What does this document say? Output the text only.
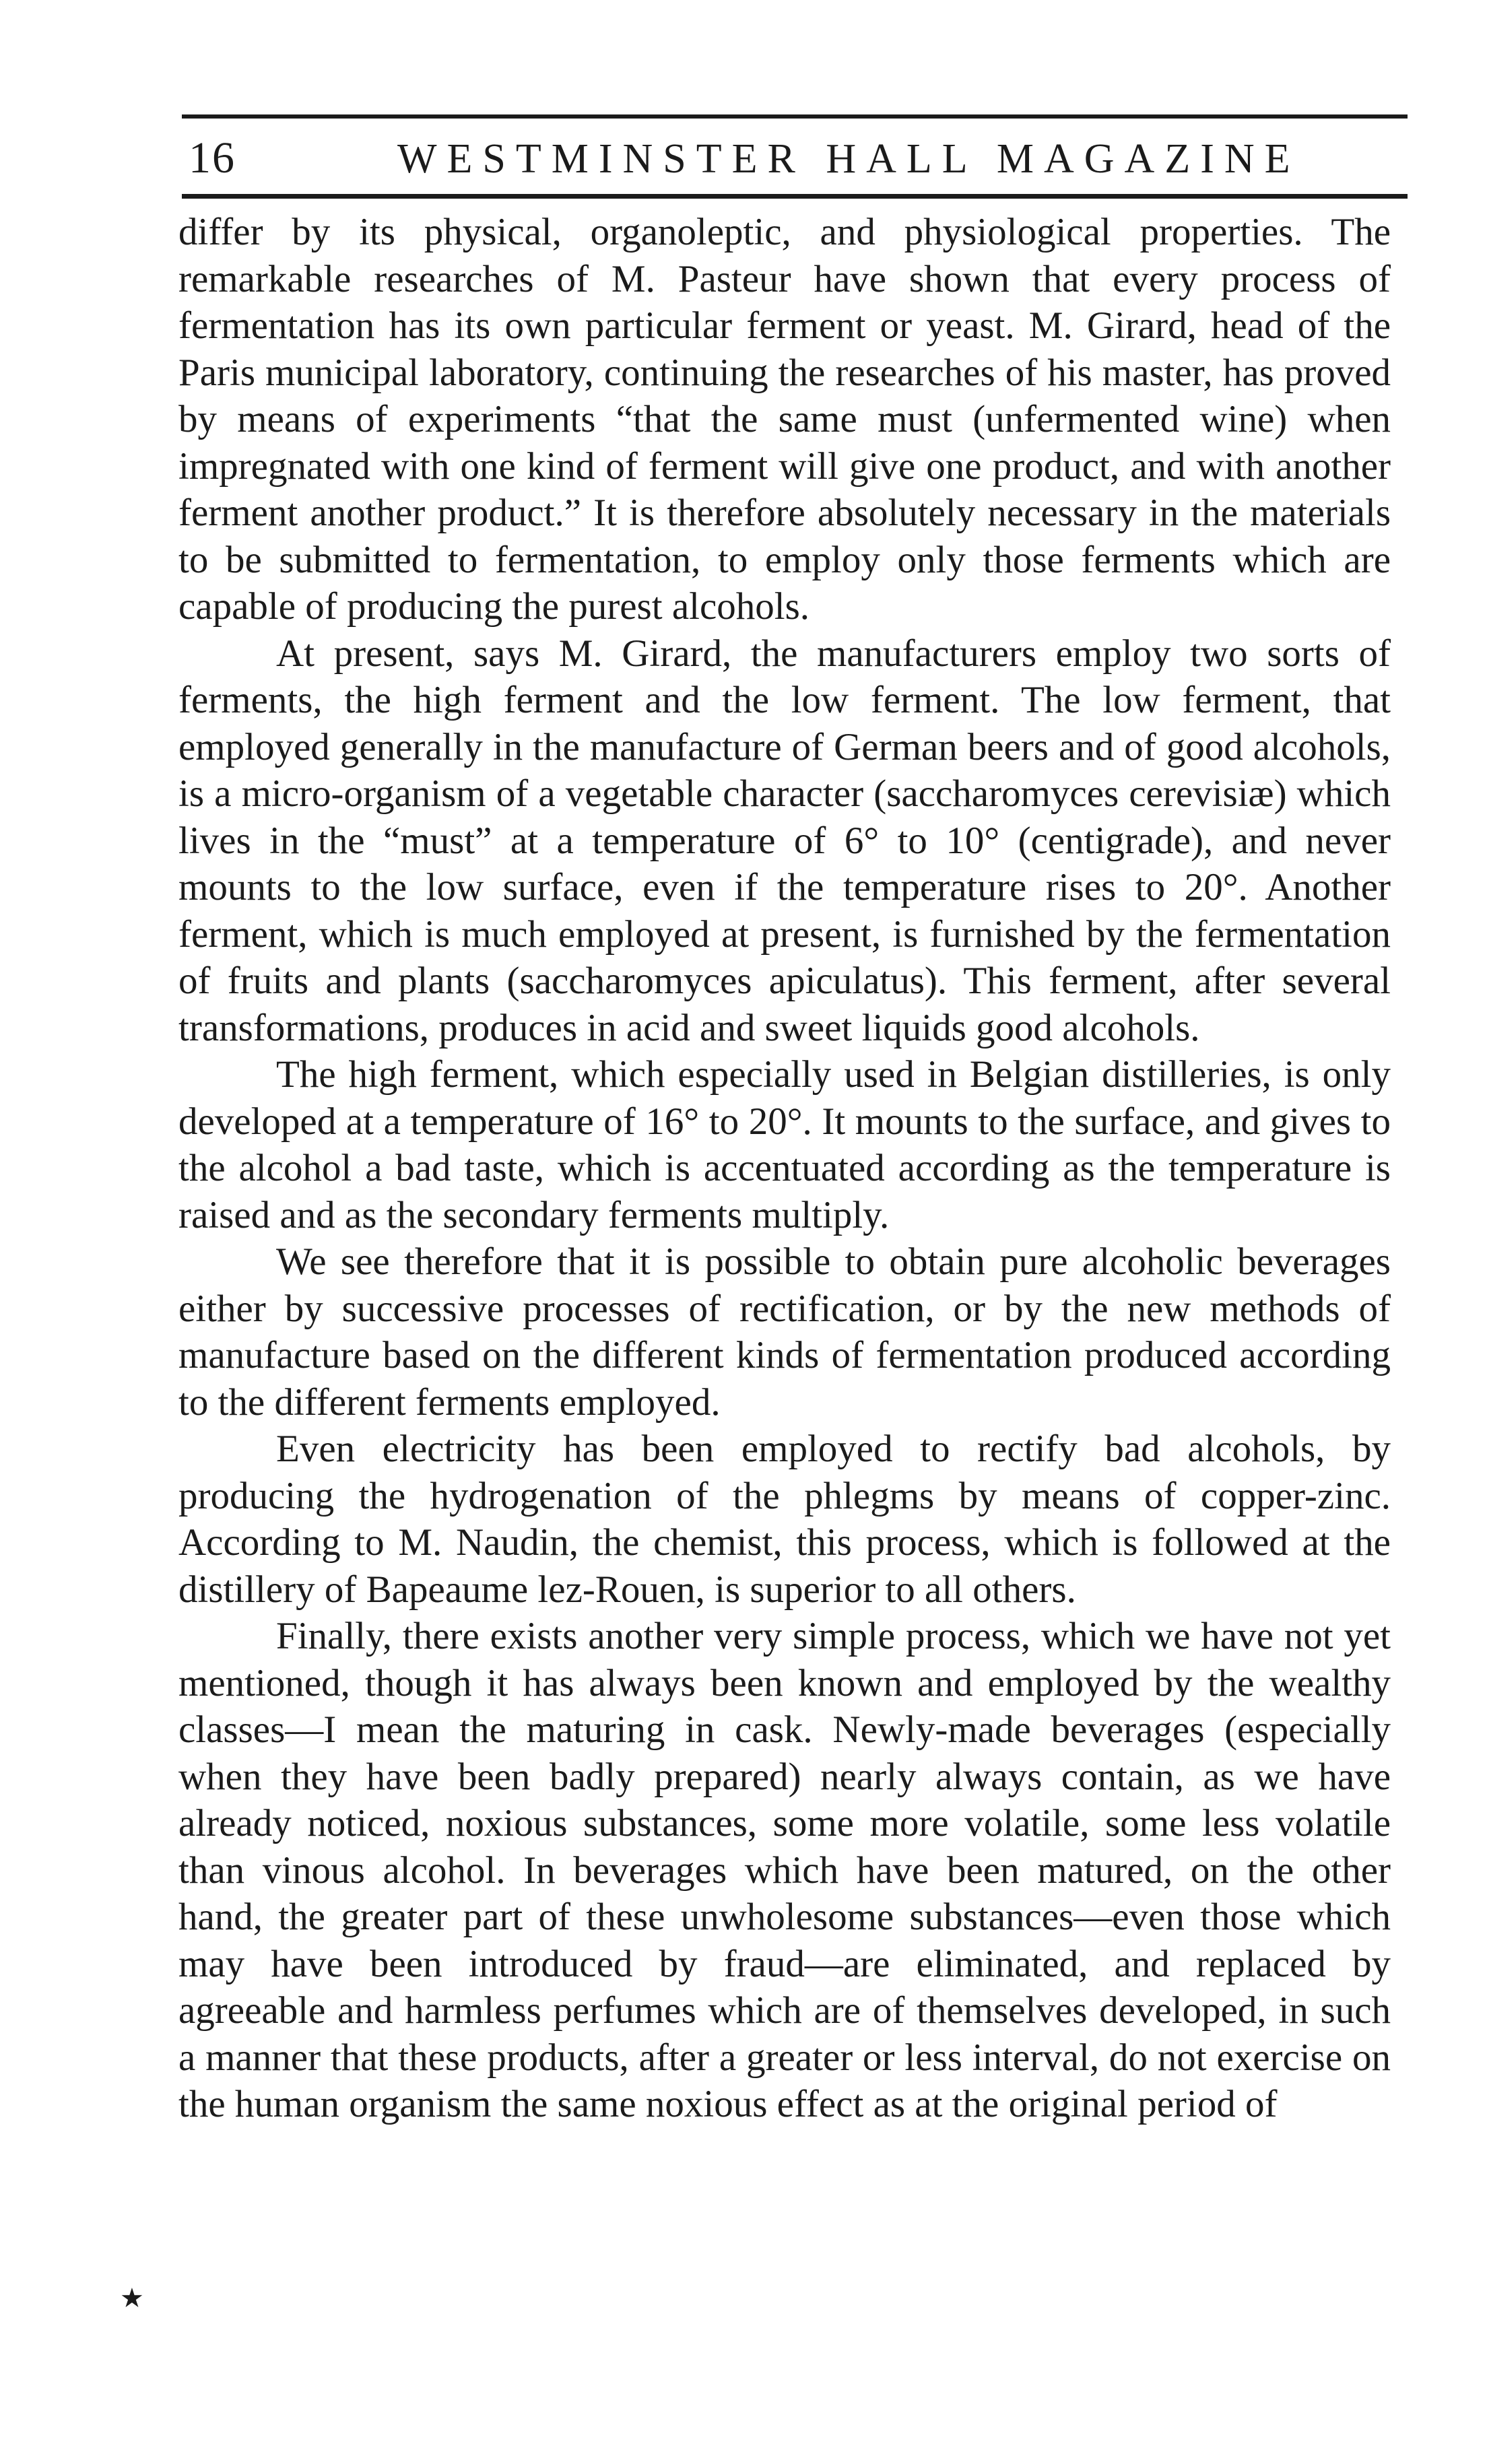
16	WESTMINSTER HALL MAGAZINE

differ by its physical, organoleptic, and physiological properties. The remarkable researches of M. Pasteur have shown that every process of fermentation has its own particular ferment or yeast. M. Girard, head of the Paris municipal laboratory, continuing the researches of his master, has proved by means of experiments “that the same must (unfermented wine) when impregnated with one kind of ferment will give one product, and with another ferment another product.” It is therefore absolutely necessary in the materials to be submitted to fermentation, to employ only those ferments which are capable of producing the purest alcohols.

At present, says M. Girard, the manufacturers employ two sorts of ferments, the high ferment and the low ferment. The low ferment, that employed generally in the manufacture of German beers and of good alcohols, is a micro-organism of a vegetable character (saccharomyces cerevisiæ) which lives in the “must” at a temperature of 6° to 10° (centigrade), and never mounts to the low surface, even if the temperature rises to 20°. Another ferment, which is much employed at present, is furnished by the fermentation of fruits and plants (saccharomyces apiculatus). This ferment, after several transformations, produces in acid and sweet liquids good alcohols.

The high ferment, which especially used in Belgian distilleries, is only developed at a temperature of 16° to 20°. It mounts to the surface, and gives to the alcohol a bad taste, which is accentuated according as the temperature is raised and as the secondary ferments multiply.

We see therefore that it is possible to obtain pure alcoholic beverages either by successive processes of rectification, or by the new methods of manufacture based on the different kinds of fermentation produced according to the different ferments employed.

Even electricity has been employed to rectify bad alcohols, by producing the hydrogenation of the phlegms by means of copper-zinc. According to M. Naudin, the chemist, this process, which is followed at the distillery of Bapeaume lez-Rouen, is superior to all others.

Finally, there exists another very simple process, which we have not yet mentioned, though it has always been known and employed by the wealthy classes—I mean the maturing in cask. Newly-made beverages (especially when they have been badly prepared) nearly always contain, as we have already noticed, noxious substances, some more volatile, some less volatile than vinous alcohol. In beverages which have been matured, on the other hand, the greater part of these unwholesome substances—even those which may have been introduced by fraud—are eliminated, and replaced by agreeable and harmless perfumes which are of themselves developed, in such a manner that these products, after a greater or less interval, do not exercise on the human organism the same noxious effect as at the original period of

★
